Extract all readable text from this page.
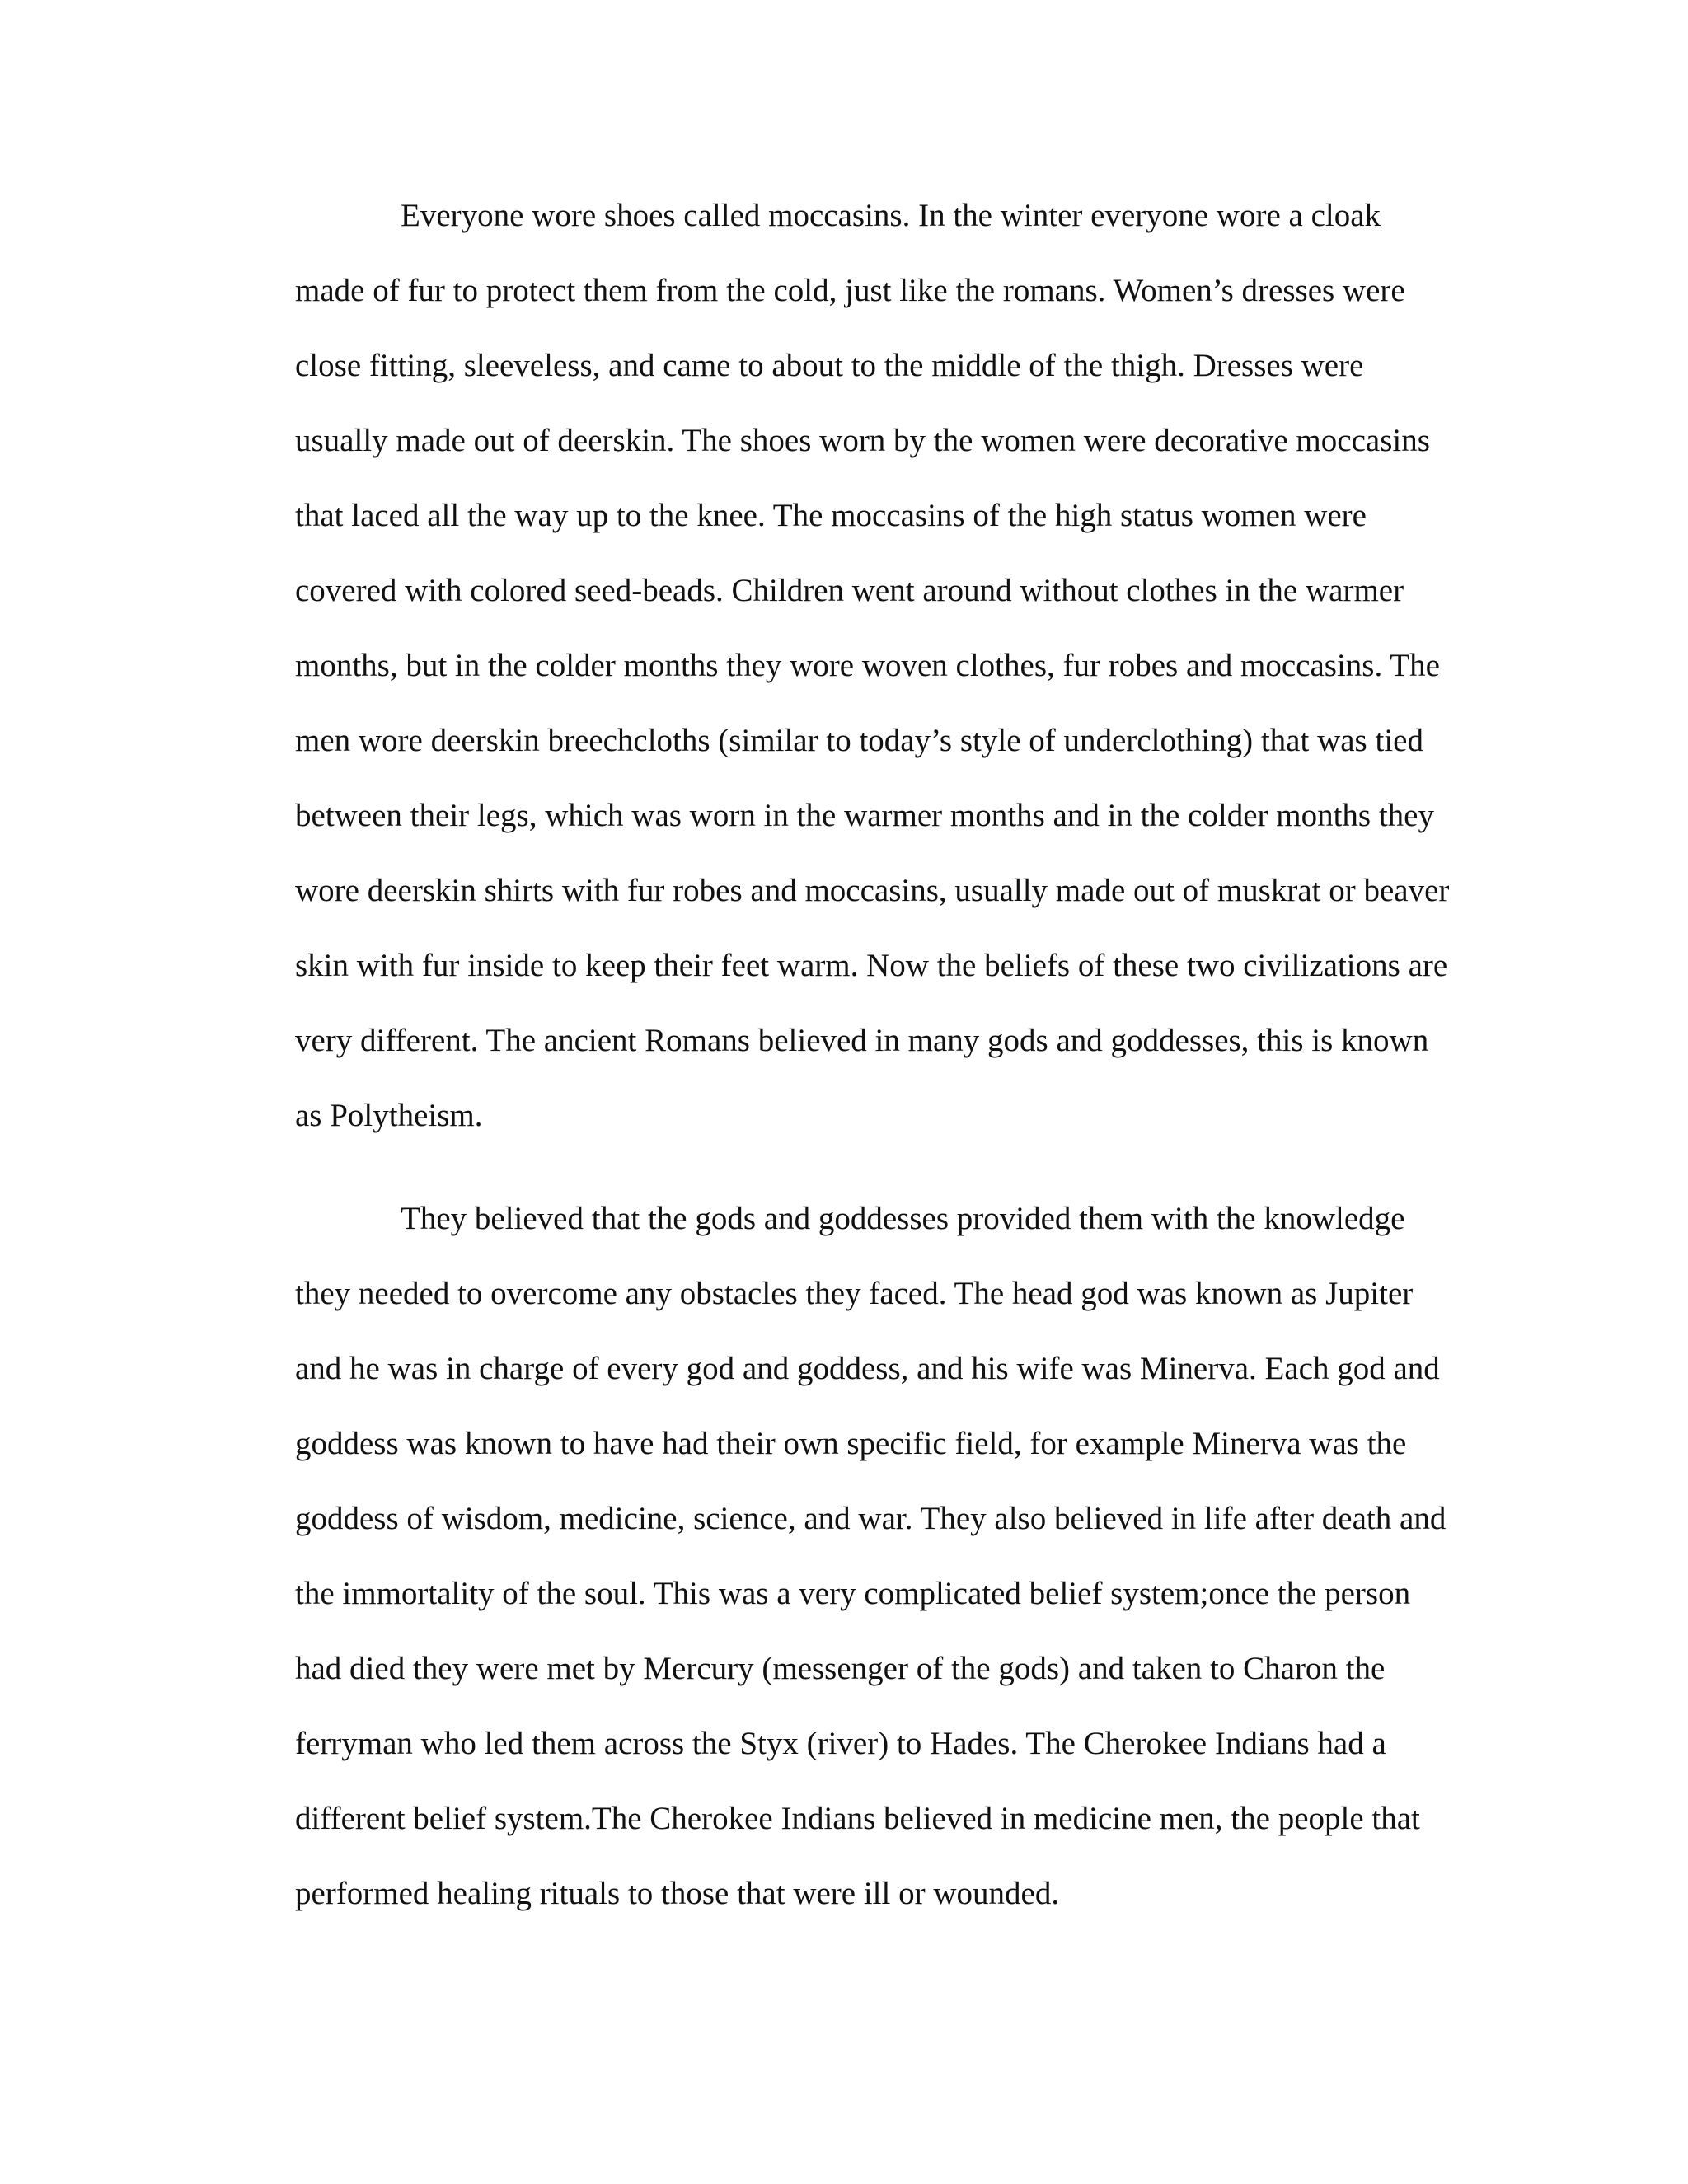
Everyone wore shoes called moccasins. In the winter everyone wore a cloak

made of fur to protect them from the cold, just like the romans. Women’s dresses were

close fitting, sleeveless, and came to about to the middle of the thigh. Dresses were

usually made out of deerskin. The shoes worn by the women were decorative moccasins

that laced all the way up to the knee. The moccasins of the high status women were

covered with colored seed-beads. Children went around without clothes in the warmer

months, but in the colder months they wore woven clothes, fur robes and moccasins. The

men wore deerskin breechcloths (similar to today’s style of underclothing) that was tied

between their legs, which was worn in the warmer months and in the colder months they

wore deerskin shirts with fur robes and moccasins, usually made out of muskrat or beaver

skin with fur inside to keep their feet warm. Now the beliefs of these two civilizations are

very different. The ancient Romans believed in many gods and goddesses, this is known

as Polytheism.

They believed that the gods and goddesses provided them with the knowledge

they needed to overcome any obstacles they faced. The head god was known as Jupiter

and he was in charge of every god and goddess, and his wife was Minerva. Each god and

goddess was known to have had their own specific field, for example Minerva was the

goddess of wisdom, medicine, science, and war. They also believed in life after death and

the immortality of the soul. This was a very complicated belief system;once the person

had died they were met by Mercury (messenger of the gods) and taken to Charon the

ferryman who led them across the Styx (river) to Hades. The Cherokee Indians had a

different belief system.The Cherokee Indians believed in medicine men, the people that

performed healing rituals to those that were ill or wounded.
